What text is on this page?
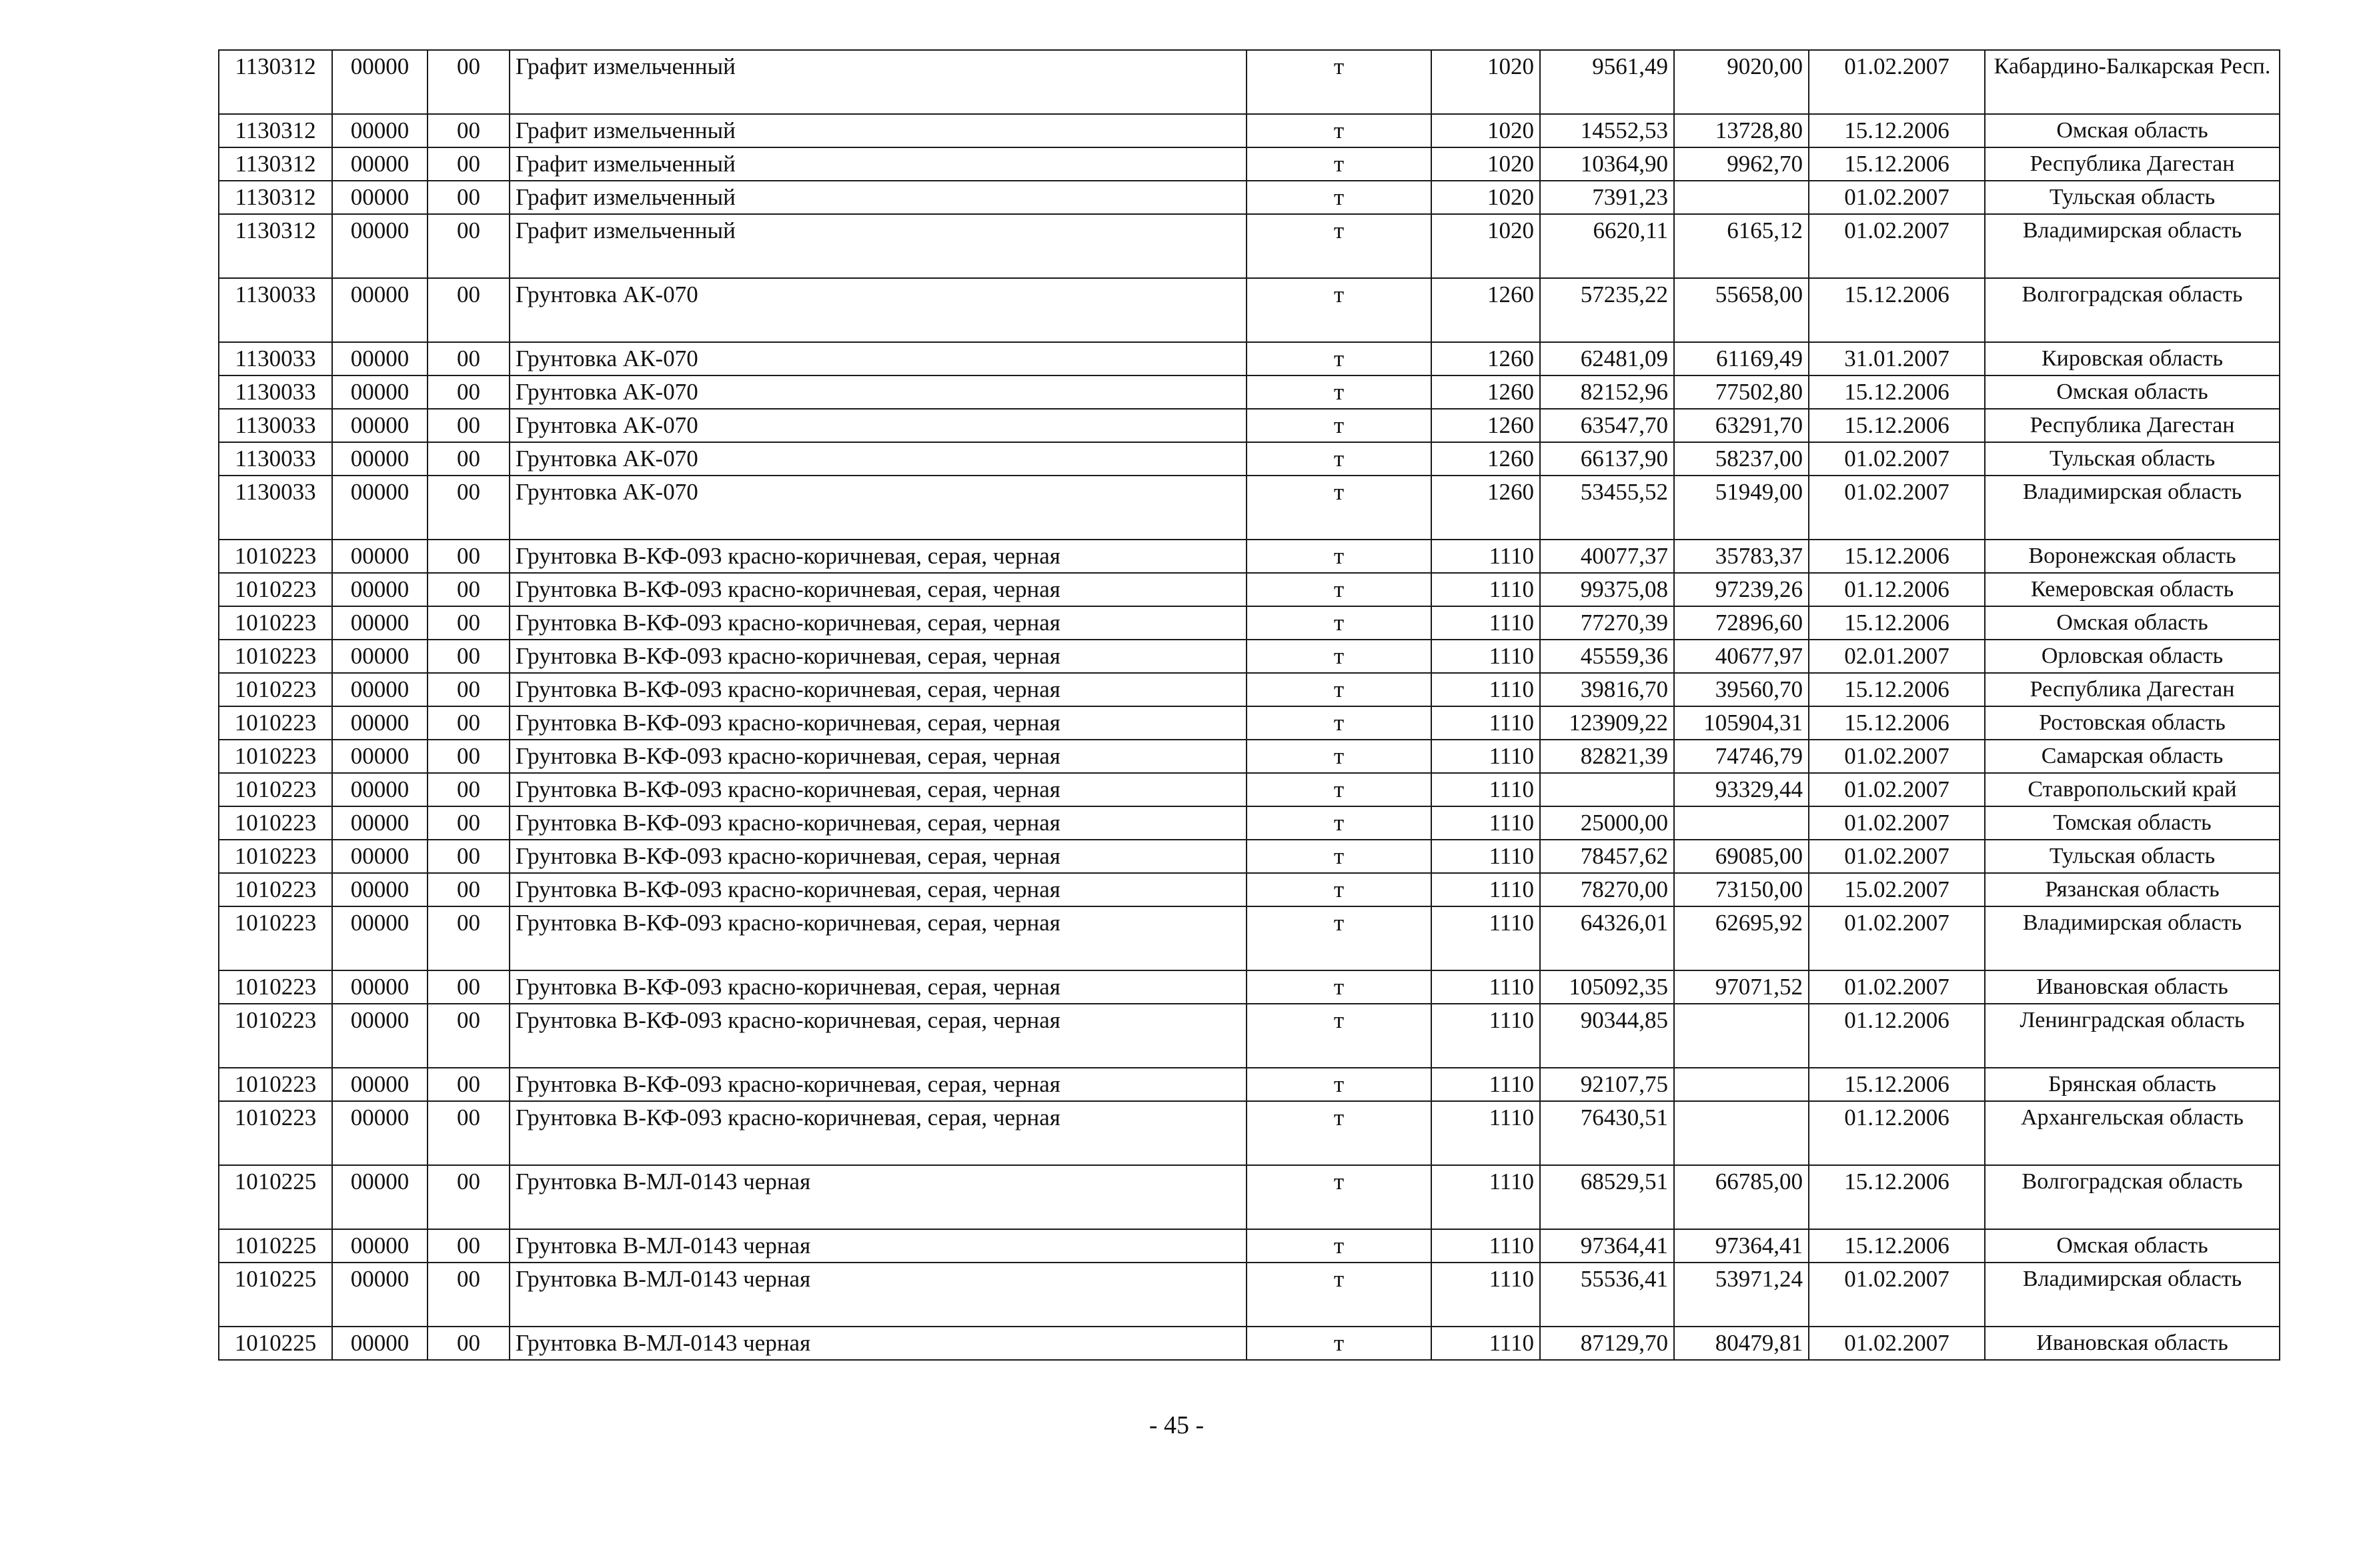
1130312	00000	00	Графит измельченный	т	1020	9561,49	9020,00	01.02.2007	Кабардино-Балкарская Респ.
1130312	00000	00	Графит измельченный	т	1020	14552,53	13728,80	15.12.2006	Омская область
1130312	00000	00	Графит измельченный	т	1020	10364,90	9962,70	15.12.2006	Республика Дагестан
1130312	00000	00	Графит измельченный	т	1020	7391,23		01.02.2007	Тульская область
1130312	00000	00	Графит измельченный	т	1020	6620,11	6165,12	01.02.2007	Владимирская область
1130033	00000	00	Грунтовка АК-070	т	1260	57235,22	55658,00	15.12.2006	Волгоградская область
1130033	00000	00	Грунтовка АК-070	т	1260	62481,09	61169,49	31.01.2007	Кировская область
1130033	00000	00	Грунтовка АК-070	т	1260	82152,96	77502,80	15.12.2006	Омская область
1130033	00000	00	Грунтовка АК-070	т	1260	63547,70	63291,70	15.12.2006	Республика Дагестан
1130033	00000	00	Грунтовка АК-070	т	1260	66137,90	58237,00	01.02.2007	Тульская область
1130033	00000	00	Грунтовка АК-070	т	1260	53455,52	51949,00	01.02.2007	Владимирская область
1010223	00000	00	Грунтовка В-КФ-093 красно-коричневая, серая, черная	т	1110	40077,37	35783,37	15.12.2006	Воронежская область
1010223	00000	00	Грунтовка В-КФ-093 красно-коричневая, серая, черная	т	1110	99375,08	97239,26	01.12.2006	Кемеровская область
1010223	00000	00	Грунтовка В-КФ-093 красно-коричневая, серая, черная	т	1110	77270,39	72896,60	15.12.2006	Омская область
1010223	00000	00	Грунтовка В-КФ-093 красно-коричневая, серая, черная	т	1110	45559,36	40677,97	02.01.2007	Орловская область
1010223	00000	00	Грунтовка В-КФ-093 красно-коричневая, серая, черная	т	1110	39816,70	39560,70	15.12.2006	Республика Дагестан
1010223	00000	00	Грунтовка В-КФ-093 красно-коричневая, серая, черная	т	1110	123909,22	105904,31	15.12.2006	Ростовская область
1010223	00000	00	Грунтовка В-КФ-093 красно-коричневая, серая, черная	т	1110	82821,39	74746,79	01.02.2007	Самарская область
1010223	00000	00	Грунтовка В-КФ-093 красно-коричневая, серая, черная	т	1110		93329,44	01.02.2007	Ставропольский край
1010223	00000	00	Грунтовка В-КФ-093 красно-коричневая, серая, черная	т	1110	25000,00		01.02.2007	Томская область
1010223	00000	00	Грунтовка В-КФ-093 красно-коричневая, серая, черная	т	1110	78457,62	69085,00	01.02.2007	Тульская область
1010223	00000	00	Грунтовка В-КФ-093 красно-коричневая, серая, черная	т	1110	78270,00	73150,00	15.02.2007	Рязанская область
1010223	00000	00	Грунтовка В-КФ-093 красно-коричневая, серая, черная	т	1110	64326,01	62695,92	01.02.2007	Владимирская область
1010223	00000	00	Грунтовка В-КФ-093 красно-коричневая, серая, черная	т	1110	105092,35	97071,52	01.02.2007	Ивановская область
1010223	00000	00	Грунтовка В-КФ-093 красно-коричневая, серая, черная	т	1110	90344,85		01.12.2006	Ленинградская область
1010223	00000	00	Грунтовка В-КФ-093 красно-коричневая, серая, черная	т	1110	92107,75		15.12.2006	Брянская область
1010223	00000	00	Грунтовка В-КФ-093 красно-коричневая, серая, черная	т	1110	76430,51		01.12.2006	Архангельская область
1010225	00000	00	Грунтовка В-МЛ-0143 черная	т	1110	68529,51	66785,00	15.12.2006	Волгоградская область
1010225	00000	00	Грунтовка В-МЛ-0143 черная	т	1110	97364,41	97364,41	15.12.2006	Омская область
1010225	00000	00	Грунтовка В-МЛ-0143 черная	т	1110	55536,41	53971,24	01.02.2007	Владимирская область
1010225	00000	00	Грунтовка В-МЛ-0143 черная	т	1110	87129,70	80479,81	01.02.2007	Ивановская область
- 45 -
